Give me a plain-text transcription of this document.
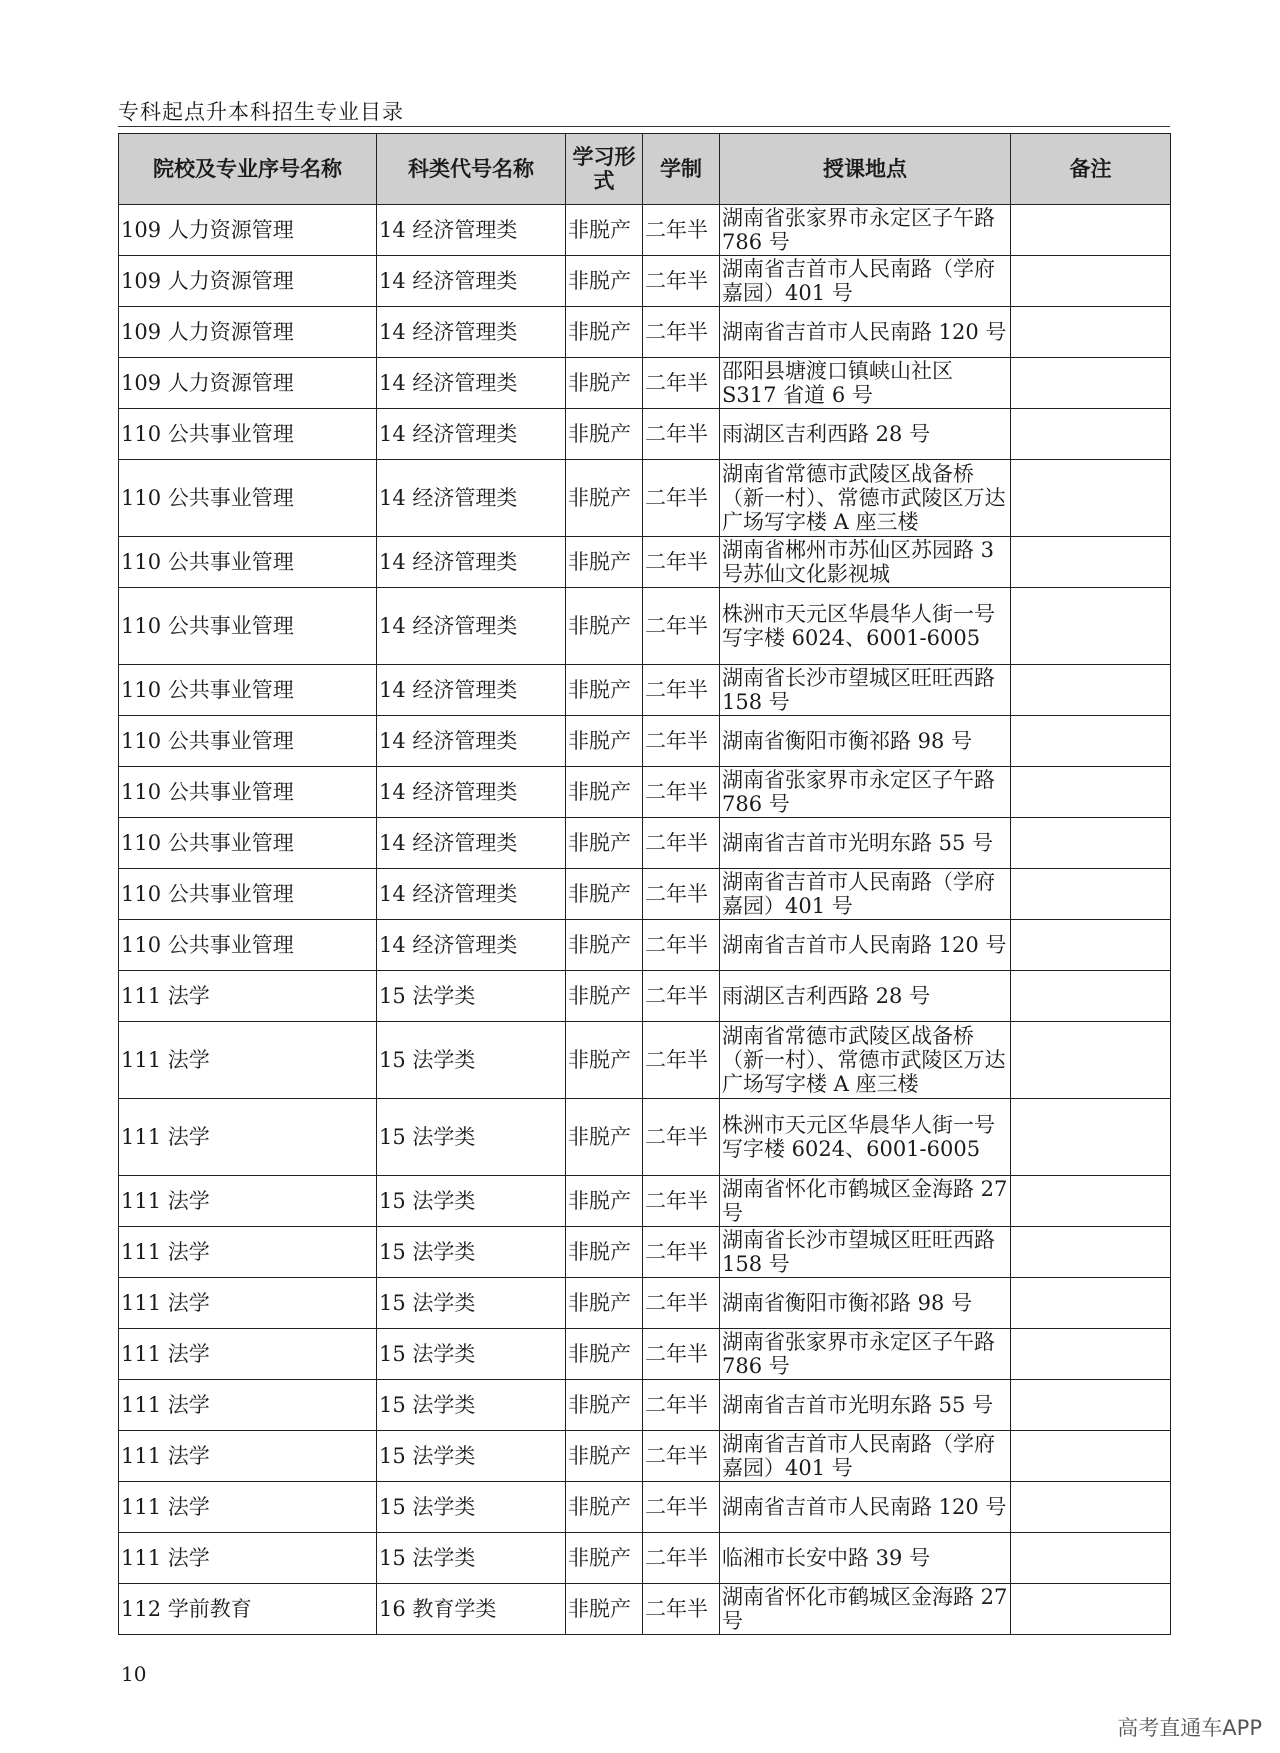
专科起点升本科招生专业目录
院校及专业序号名称	科类代号名称	学习形式	学制	授课地点	备注
109 人力资源管理	14 经济管理类	非脱产	二年半	湖南省张家界市永定区子午路 786 号	
109 人力资源管理	14 经济管理类	非脱产	二年半	湖南省吉首市人民南路（学府嘉园）401 号	
109 人力资源管理	14 经济管理类	非脱产	二年半	湖南省吉首市人民南路 120 号	
109 人力资源管理	14 经济管理类	非脱产	二年半	邵阳县塘渡口镇峡山社区 S317 省道 6 号	
110 公共事业管理	14 经济管理类	非脱产	二年半	雨湖区吉利西路 28 号	
110 公共事业管理	14 经济管理类	非脱产	二年半	湖南省常德市武陵区战备桥（新一村）、常德市武陵区万达广场写字楼 A 座三楼	
110 公共事业管理	14 经济管理类	非脱产	二年半	湖南省郴州市苏仙区苏园路 3 号苏仙文化影视城	
110 公共事业管理	14 经济管理类	非脱产	二年半	株洲市天元区华晨华人街一号写字楼 6024、6001-6005	
110 公共事业管理	14 经济管理类	非脱产	二年半	湖南省长沙市望城区旺旺西路 158 号	
110 公共事业管理	14 经济管理类	非脱产	二年半	湖南省衡阳市衡祁路 98 号	
110 公共事业管理	14 经济管理类	非脱产	二年半	湖南省张家界市永定区子午路 786 号	
110 公共事业管理	14 经济管理类	非脱产	二年半	湖南省吉首市光明东路 55 号	
110 公共事业管理	14 经济管理类	非脱产	二年半	湖南省吉首市人民南路（学府嘉园）401 号	
110 公共事业管理	14 经济管理类	非脱产	二年半	湖南省吉首市人民南路 120 号	
111 法学	15 法学类	非脱产	二年半	雨湖区吉利西路 28 号	
111 法学	15 法学类	非脱产	二年半	湖南省常德市武陵区战备桥（新一村）、常德市武陵区万达广场写字楼 A 座三楼	
111 法学	15 法学类	非脱产	二年半	株洲市天元区华晨华人街一号写字楼 6024、6001-6005	
111 法学	15 法学类	非脱产	二年半	湖南省怀化市鹤城区金海路 27 号	
111 法学	15 法学类	非脱产	二年半	湖南省长沙市望城区旺旺西路 158 号	
111 法学	15 法学类	非脱产	二年半	湖南省衡阳市衡祁路 98 号	
111 法学	15 法学类	非脱产	二年半	湖南省张家界市永定区子午路 786 号	
111 法学	15 法学类	非脱产	二年半	湖南省吉首市光明东路 55 号	
111 法学	15 法学类	非脱产	二年半	湖南省吉首市人民南路（学府嘉园）401 号	
111 法学	15 法学类	非脱产	二年半	湖南省吉首市人民南路 120 号	
111 法学	15 法学类	非脱产	二年半	临湘市长安中路 39 号	
112 学前教育	16 教育学类	非脱产	二年半	湖南省怀化市鹤城区金海路 27 号	
10
高考直通车APP
